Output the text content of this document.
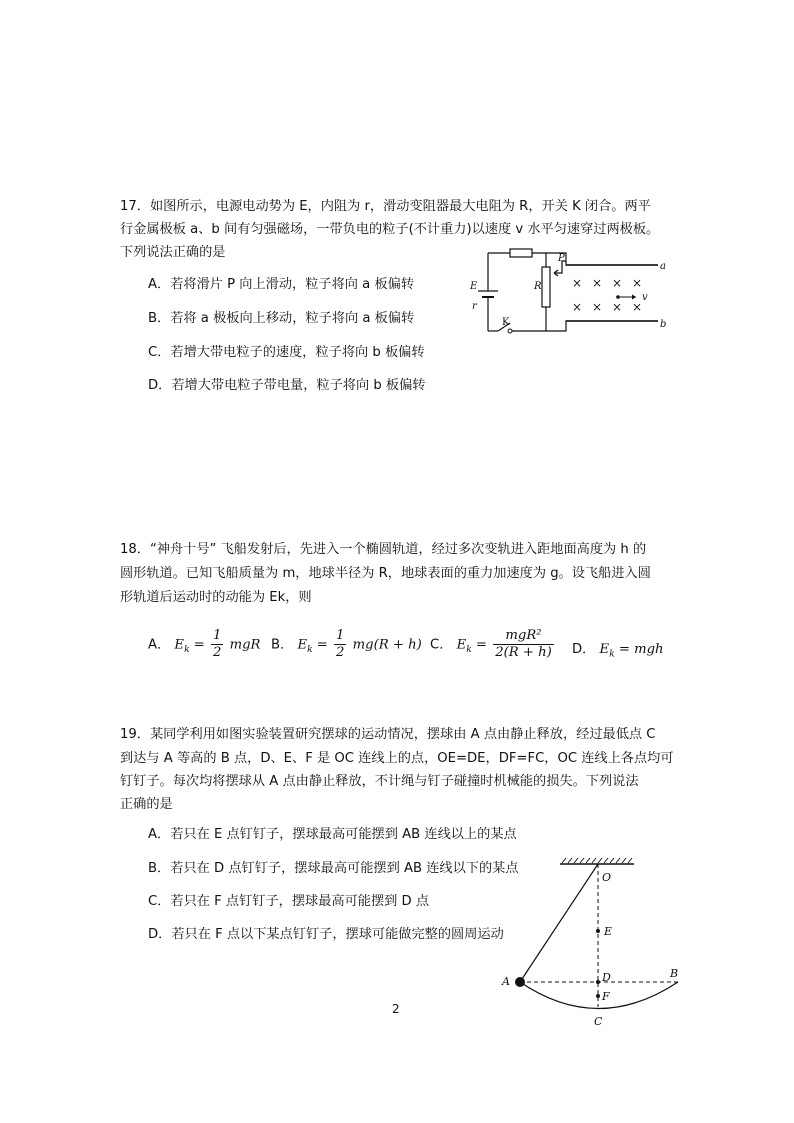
17．如图所示，电源电动势为 E，内阻为 r，滑动变阻器最大电阻为 R，开关 K 闭合。两平
行金属极板 a、b 间有匀强磁场，一带负电的粒子(不计重力)以速度 v 水平匀速穿过两极板。
下列说法正确的是
A．若将滑片 P 向上滑动，粒子将向 a 板偏转
B．若将 a 极板向上移动，粒子将向 a 板偏转
C．若增大带电粒子的速度，粒子将向 b 板偏转
D．若增大带电粒子带电量，粒子将向 b 板偏转
× × × ×
× × × ×
v
a
b
E
r
K
R
P
18．“神舟十号” 飞船发射后，先进入一个椭圆轨道，经过多次变轨进入距地面高度为 h 的
圆形轨道。已知飞船质量为 m，地球半径为 R，地球表面的重力加速度为 g。设飞船进入圆
形轨道后运动时的动能为 Ek，则
A． $E_k = \frac{1}{2}$ mgR B． $E_k = \frac{1}{2} mg(R + h)$ C． $E_k = \frac{\text{mgR²}}{2(R + h)}$ D． $E_k$ = mgh
19．某同学利用如图实验装置研究摆球的运动情况，摆球由 A 点由静止释放，经过最低点 C
到达与 A 等高的 B 点，D、E、F 是 OC 连线上的点，OE=DE，DF=FC，OC 连线上各点均可
钉钉子。每次均将摆球从 A 点由静止释放，不计绳与钉子碰撞时机械能的损失。下列说法
正确的是
A．若只在 E 点钉钉子，摆球最高可能摆到 AB 连线以上的某点
B．若只在 D 点钉钉子，摆球最高可能摆到 AB 连线以下的某点
C．若只在 F 点钉钉子，摆球最高可能摆到 D 点
D．若只在 F 点以下某点钉钉子，摆球可能做完整的圆周运动
O
E
A	D	B
F
C
2
